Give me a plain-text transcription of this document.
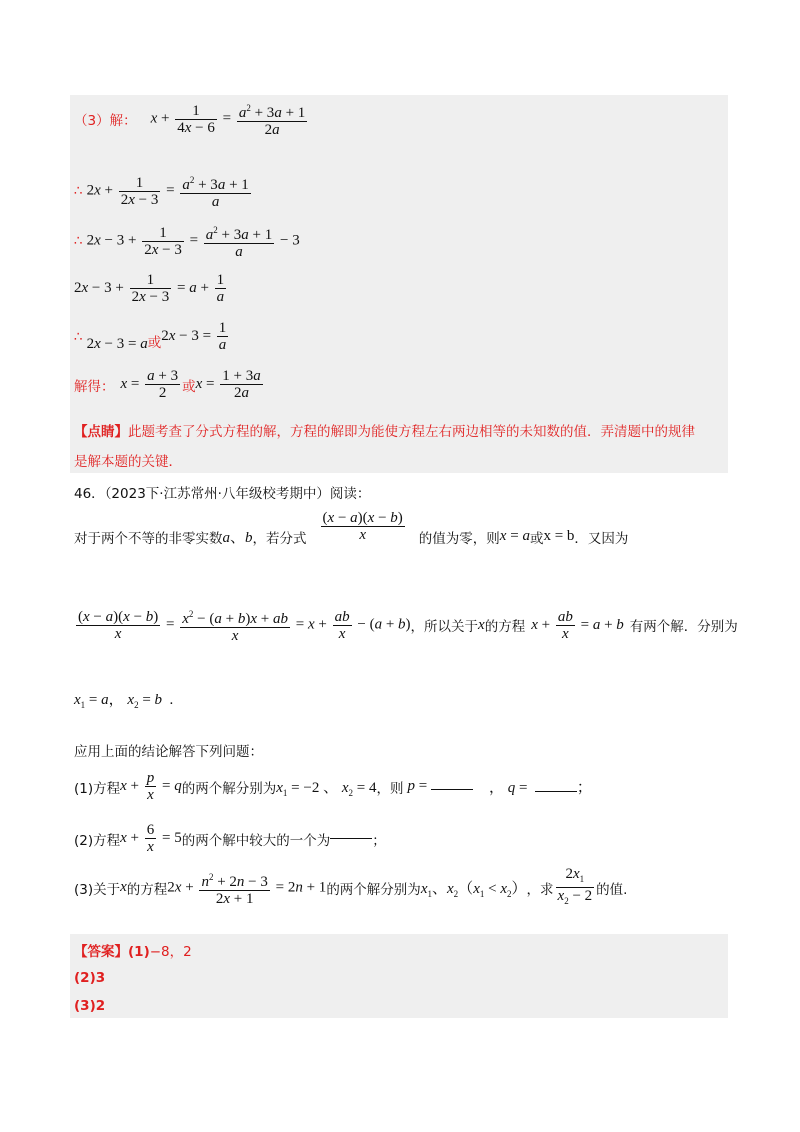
（3）解： $x + \frac{1}{4x - 6} = \frac{a^2 + 3a + 1}{2a}$
∴ $2x + \frac{1}{2x - 3} = \frac{a^2 + 3a + 1}{a}$
∴ $2x - 3 + \frac{1}{2x - 3} = \frac{a^2 + 3a + 1}{a} - 3$
$2x - 3 + \frac{1}{2x - 3} = a + \frac{1}{a}$
∴ 2x − 3 = a 或 $2x - 3 = \frac{1}{a}$
解得： $x = \frac{a + 3}{2}$ 或 $x = \frac{1 + 3a}{2a}$
【点睛】此题考查了分式方程的解，方程的解即为能使方程左右两边相等的未知数的值．弄清题中的规律
是解本题的关键．
46．（2023下·江苏常州·八年级校考期中）阅读：
对于两个不等的非零实数 a、b ，若分式 $\frac{(x - a)(x - b)}{x}$ 的值为零，则 x = a 或 x = b ．又因为
$\frac{(x - a)(x - b)}{x} = \frac{x^2 - (a + b)x + ab}{x} = x + \frac{ab}{x} - (a + b)$ ，所以关于 x 的方程 $x + \frac{ab}{x} = a + b$ 有两个解．分别为
$x_1 = a$， $x_2 = b$  .
应用上面的结论解答下列问题：
(1)方程 $x + \frac{p}{x} = q$ 的两个解分别为 $x_1 = -2$ 、 $x_2 = 4$ ，则 p =	， q =	；
(2)方程 $x + \frac{6}{x} = 5$ 的两个解中较大的一个为	；
(3)关于 x 的方程 $2x + \frac{n^2 + 2n - 3}{2x + 1} = 2n + 1$ 的两个解分别为 $x_1$、$x_2(x_1 < x_2)$ ，求 $\frac{2x_1}{x_2 - 2}$ 的值.
【答案】(1)−8，2
(2)3
(3)2
